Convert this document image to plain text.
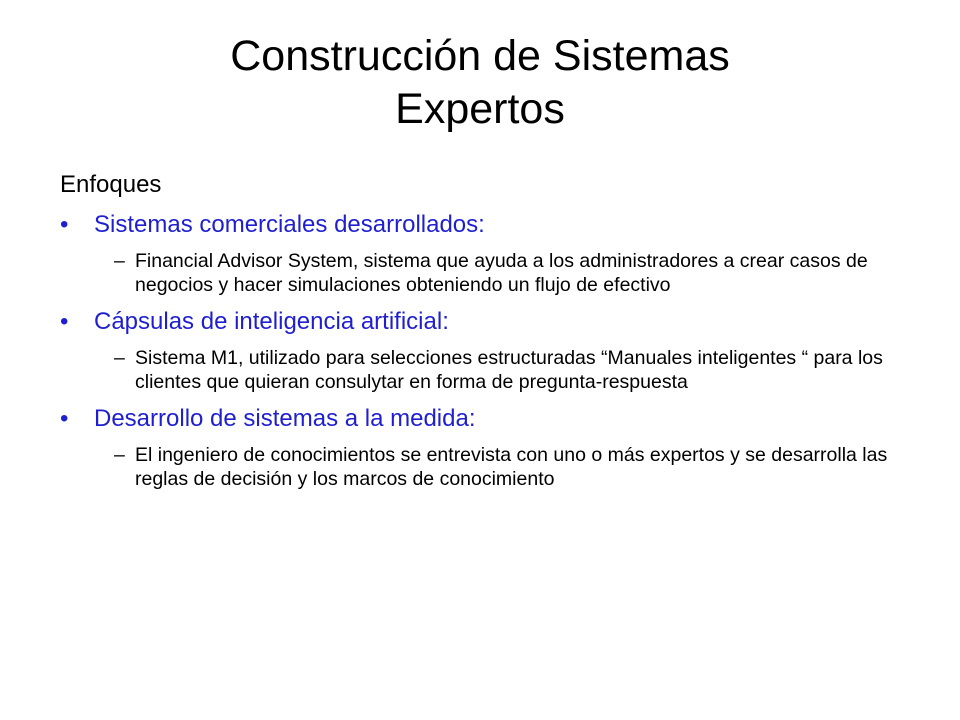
Construcción de Sistemas
Expertos

Enfoques

• Sistemas comerciales desarrollados:
– Financial Advisor System, sistema que ayuda a los administradores a crear casos de negocios y hacer simulaciones obteniendo un flujo de efectivo
• Cápsulas de inteligencia artificial:
– Sistema M1, utilizado para selecciones estructuradas “Manuales inteligentes “ para los clientes que quieran consulytar en forma de pregunta-respuesta
• Desarrollo de sistemas a la medida:
– El ingeniero de conocimientos se entrevista con uno o más expertos y se desarrolla las reglas de decisión y los marcos de conocimiento
